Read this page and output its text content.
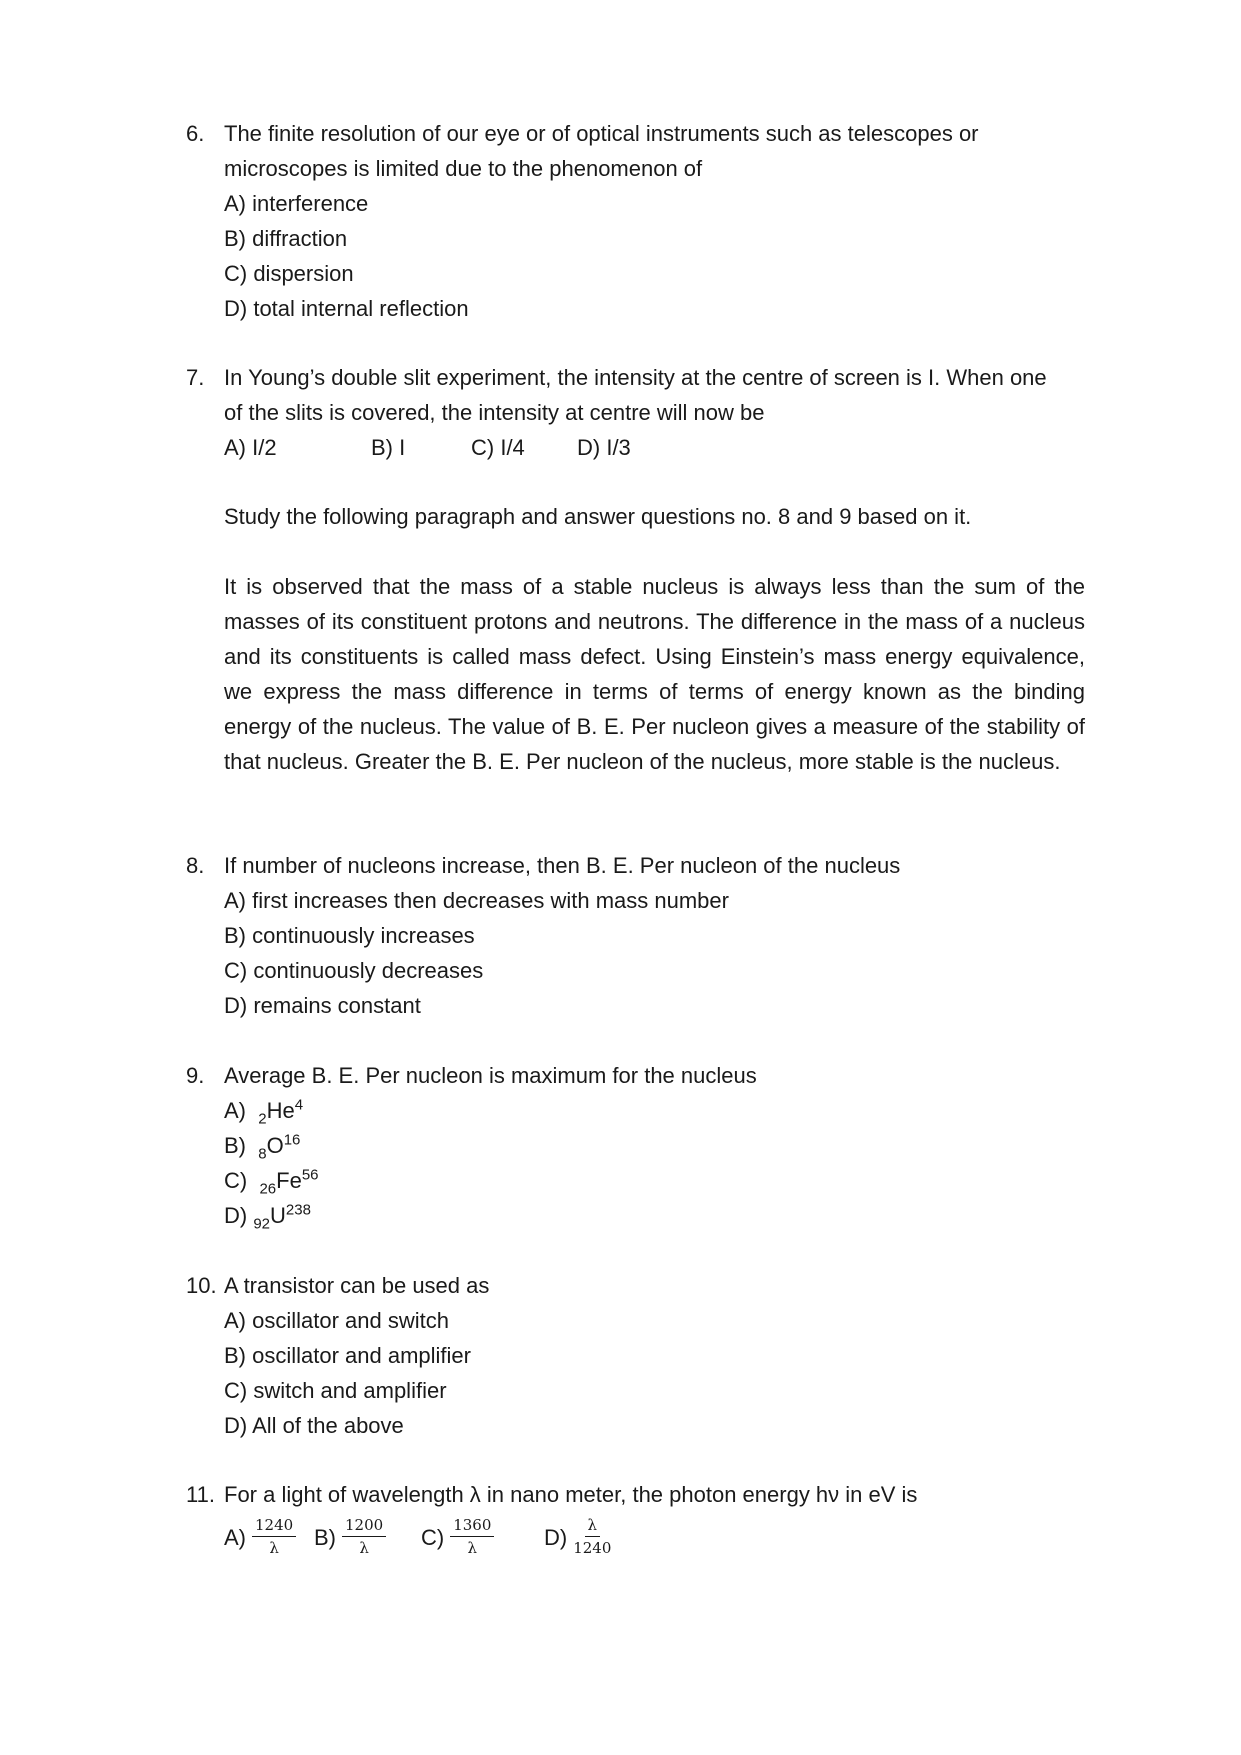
6. The finite resolution of our eye or of optical instruments such as telescopes or
microscopes is limited due to the phenomenon of
A) interference
B) diffraction
C) dispersion
D) total internal reflection
7. In Young’s double slit experiment, the intensity at the centre of screen is I. When one
of the slits is covered, the intensity at centre will now be
A) I/2	B) I	C) I/4	D) I/3
Study the following paragraph and answer questions no. 8 and 9 based on it.
It is observed that the mass of a stable nucleus is always less than the sum of the masses of its constituent protons and neutrons. The difference in the mass of a nucleus and its constituents is called mass defect. Using Einstein’s mass energy equivalence, we express the mass difference in terms of terms of energy known as the binding energy of the nucleus. The value of B. E. Per nucleon gives a measure of the stability of that nucleus. Greater the B. E. Per nucleon of the nucleus, more stable is the nucleus.
8. If number of nucleons increase, then B. E. Per nucleon of the nucleus
A) first increases then decreases with mass number
B) continuously increases
C) continuously decreases
D) remains constant
9. Average B. E. Per nucleon is maximum for the nucleus
A) $_2He^4$
B) $_8O^{16}$
C) $_{26}Fe^{56}$
D) $_{92}U^{238}$
10. A transistor can be used as
A) oscillator and switch
B) oscillator and amplifier
C) switch and amplifier
D) All of the above
11. For a light of wavelength λ in nano meter, the photon energy hν in eV is
$A) \frac{1240}{\lambda} B) \frac{1200}{\lambda} C) \frac{1360}{\lambda} D) \frac{\lambda}{1240}$
